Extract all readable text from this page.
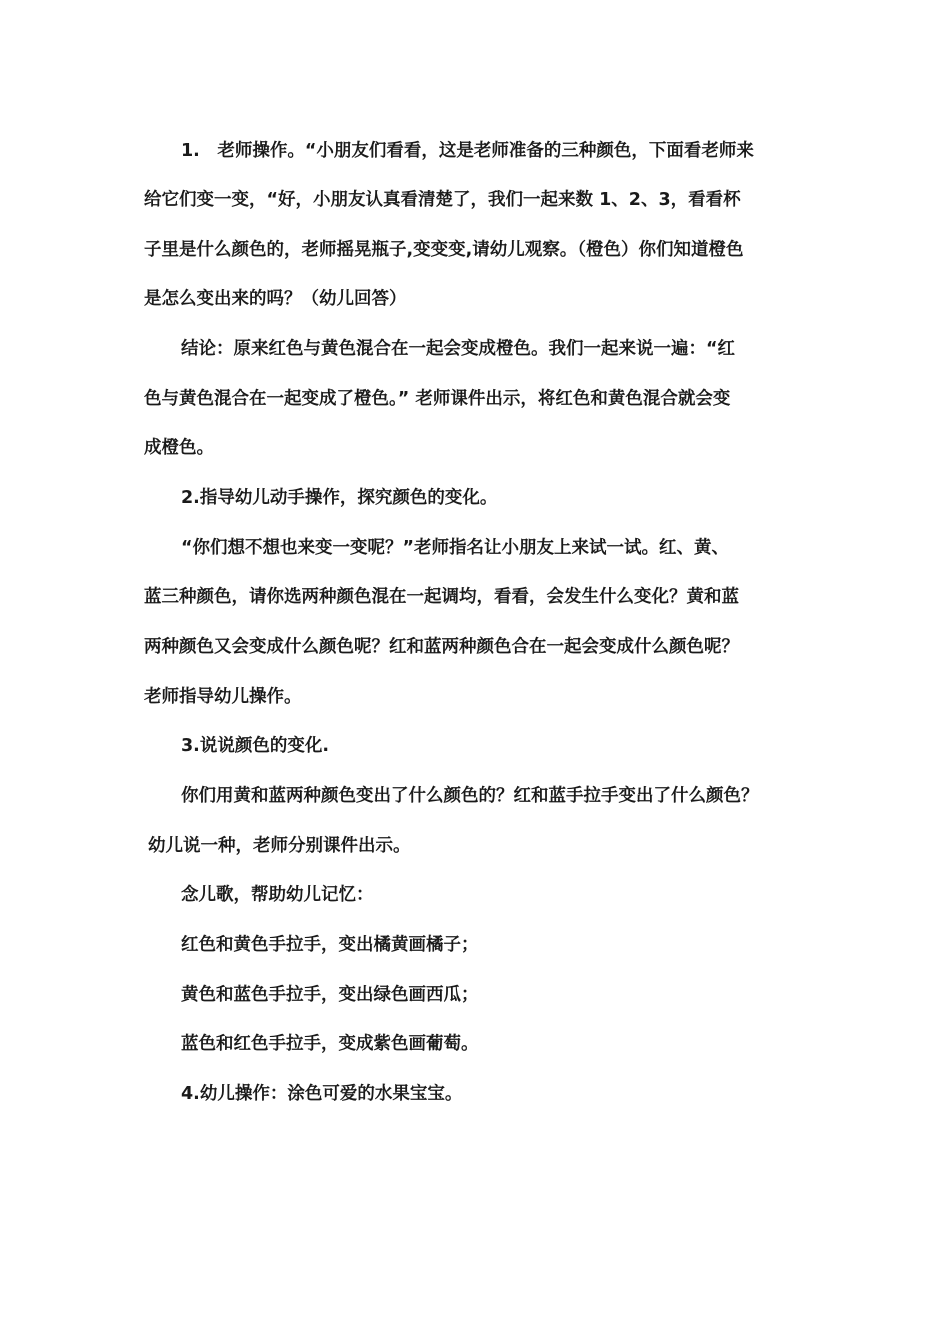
1.　老师操作。“小朋友们看看，这是老师准备的三种颜色，下面看老师来
给它们变一变，“好，小朋友认真看清楚了，我们一起来数 1、2、3，看看杯
子里是什么颜色的，老师摇晃瓶子,变变变,请幼儿观察。（橙色）你们知道橙色
是怎么变出来的吗？（幼儿回答）
结论：原来红色与黄色混合在一起会变成橙色。我们一起来说一遍：“红
色与黄色混合在一起变成了橙色。” 老师课件出示，将红色和黄色混合就会变
成橙色。
2.指导幼儿动手操作，探究颜色的变化。
“你们想不想也来变一变呢？”老师指名让小朋友上来试一试。红、黄、
蓝三种颜色，请你选两种颜色混在一起调均，看看，会发生什么变化？黄和蓝
两种颜色又会变成什么颜色呢？红和蓝两种颜色合在一起会变成什么颜色呢？
老师指导幼儿操作。
3.说说颜色的变化.
你们用黄和蓝两种颜色变出了什么颜色的？红和蓝手拉手变出了什么颜色？
幼儿说一种，老师分别课件出示。
念儿歌，帮助幼儿记忆：
红色和黄色手拉手，变出橘黄画橘子；
黄色和蓝色手拉手，变出绿色画西瓜；
蓝色和红色手拉手，变成紫色画葡萄。
4.幼儿操作：涂色可爱的水果宝宝。
